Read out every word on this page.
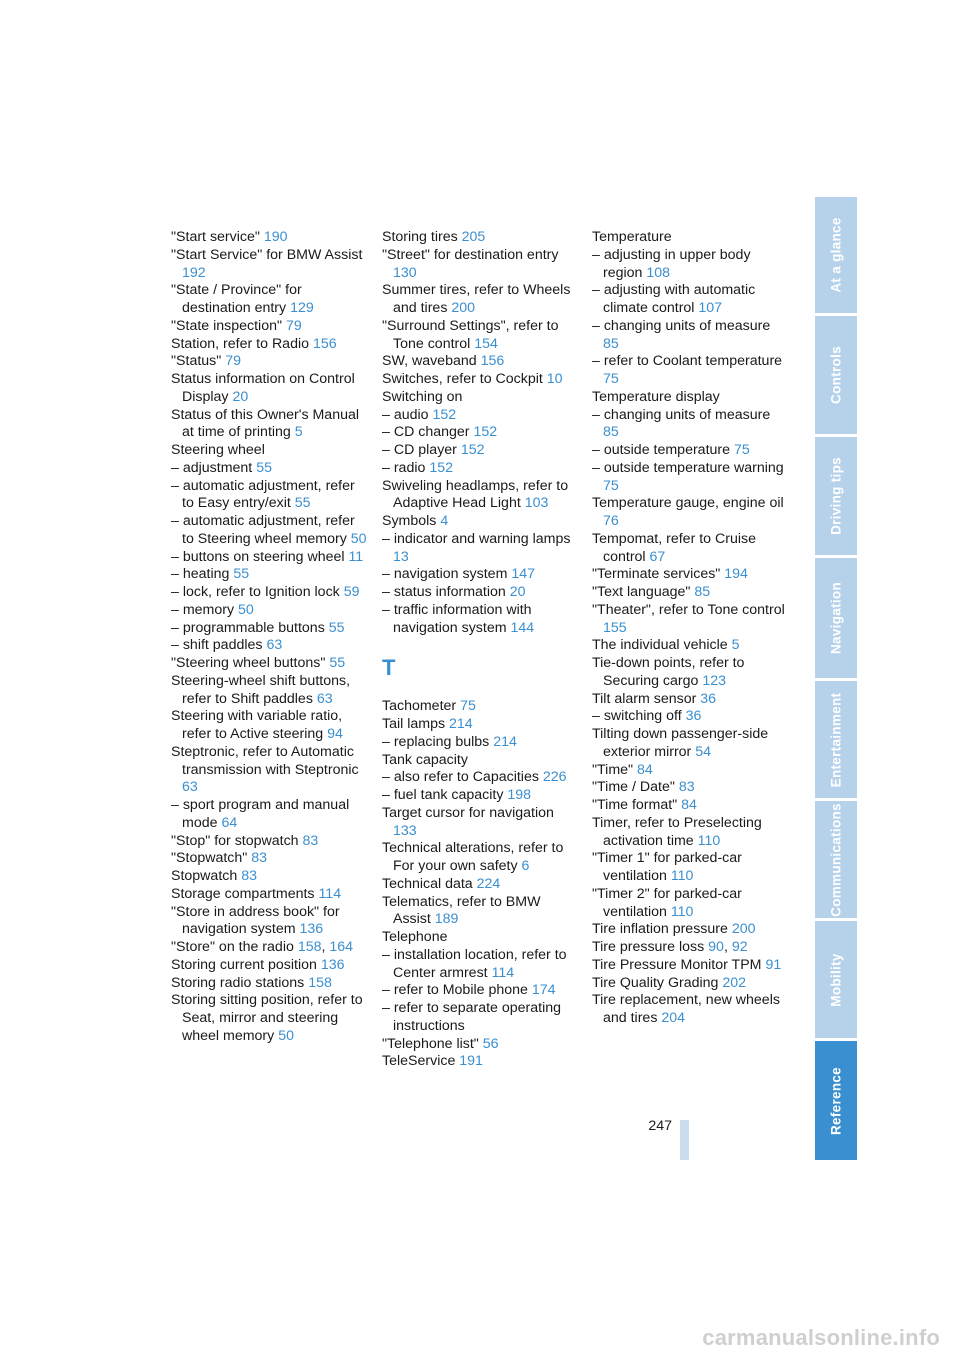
"Start service" 190
"Start Service" for BMW Assist 192
"State / Province" for destination entry 129
"State inspection" 79
Station, refer to Radio 156
"Status" 79
Status information on Control Display 20
Status of this Owner's Manual at time of printing 5
Steering wheel
– adjustment 55
– automatic adjustment, refer to Easy entry/exit 55
– automatic adjustment, refer to Steering wheel memory 50
– buttons on steering wheel 11
– heating 55
– lock, refer to Ignition lock 59
– memory 50
– programmable buttons 55
– shift paddles 63
"Steering wheel buttons" 55
Steering-wheel shift buttons, refer to Shift paddles 63
Steering with variable ratio, refer to Active steering 94
Steptronic, refer to Automatic transmission with Steptronic 63
– sport program and manual mode 64
"Stop" for stopwatch 83
"Stopwatch" 83
Stopwatch 83
Storage compartments 114
"Store in address book" for navigation system 136
"Store" on the radio 158, 164
Storing current position 136
Storing radio stations 158
Storing sitting position, refer to Seat, mirror and steering wheel memory 50
Storing tires 205
"Street" for destination entry 130
Summer tires, refer to Wheels and tires 200
"Surround Settings", refer to Tone control 154
SW, waveband 156
Switches, refer to Cockpit 10
Switching on
– audio 152
– CD changer 152
– CD player 152
– radio 152
Swiveling headlamps, refer to Adaptive Head Light 103
Symbols 4
– indicator and warning lamps 13
– navigation system 147
– status information 20
– traffic information with navigation system 144
T
Tachometer 75
Tail lamps 214
– replacing bulbs 214
Tank capacity
– also refer to Capacities 226
– fuel tank capacity 198
Target cursor for navigation 133
Technical alterations, refer to For your own safety 6
Technical data 224
Telematics, refer to BMW Assist 189
Telephone
– installation location, refer to Center armrest 114
– refer to Mobile phone 174
– refer to separate operating instructions
"Telephone list" 56
TeleService 191
Temperature
– adjusting in upper body region 108
– adjusting with automatic climate control 107
– changing units of measure 85
– refer to Coolant temperature 75
Temperature display
– changing units of measure 85
– outside temperature 75
– outside temperature warning 75
Temperature gauge, engine oil 76
Tempomat, refer to Cruise control 67
"Terminate services" 194
"Text language" 85
"Theater", refer to Tone control 155
The individual vehicle 5
Tie-down points, refer to Securing cargo 123
Tilt alarm sensor 36
– switching off 36
Tilting down passenger-side exterior mirror 54
"Time" 84
"Time / Date" 83
"Time format" 84
Timer, refer to Preselecting activation time 110
"Timer 1" for parked-car ventilation 110
"Timer 2" for parked-car ventilation 110
Tire inflation pressure 200
Tire pressure loss 90, 92
Tire Pressure Monitor TPM 91
Tire Quality Grading 202
Tire replacement, new wheels and tires 204
247
At a glance
Controls
Driving tips
Navigation
Entertainment
Communications
Mobility
Reference
carmanualsonline.info
